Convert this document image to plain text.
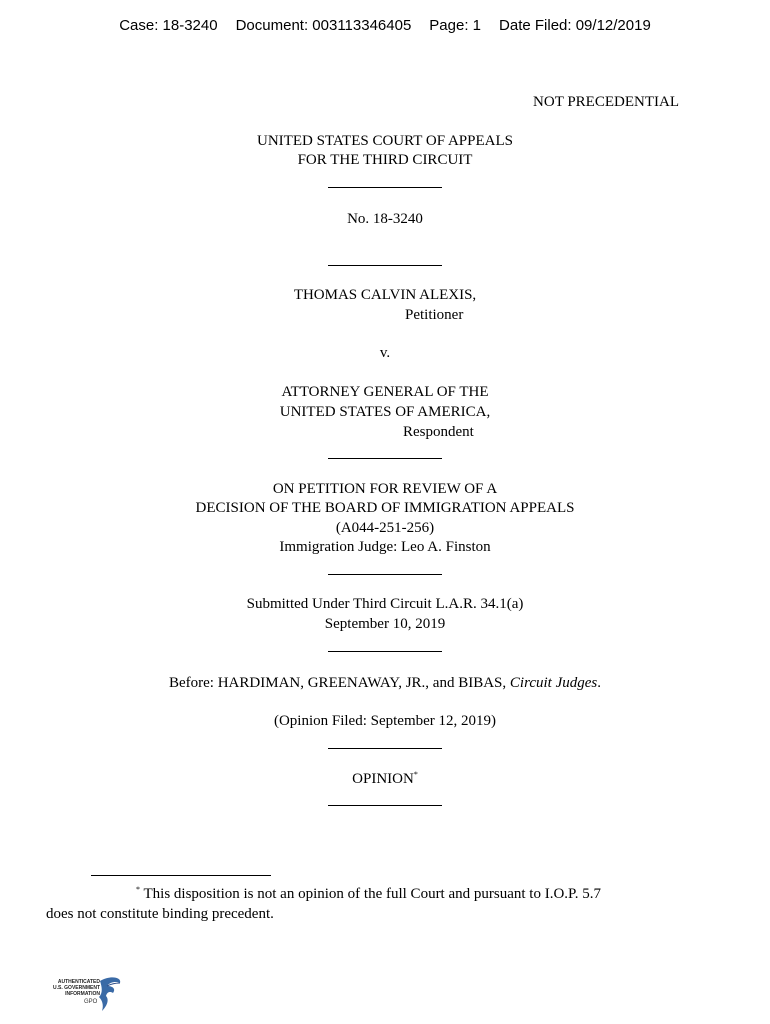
Case: 18-3240 Document: 003113346405 Page: 1 Date Filed: 09/12/2019
NOT PRECEDENTIAL
UNITED STATES COURT OF APPEALS
FOR THE THIRD CIRCUIT
No. 18-3240
THOMAS CALVIN ALEXIS,
Petitioner
v.
ATTORNEY GENERAL OF THE
UNITED STATES OF AMERICA,
Respondent
ON PETITION FOR REVIEW OF A
DECISION OF THE BOARD OF IMMIGRATION APPEALS
(A044-251-256)
Immigration Judge: Leo A. Finston
Submitted Under Third Circuit L.A.R. 34.1(a)
September 10, 2019
Before: HARDIMAN, GREENAWAY, JR., and BIBAS, Circuit Judges.
(Opinion Filed: September 12, 2019)
OPINION*
* This disposition is not an opinion of the full Court and pursuant to I.O.P. 5.7
does not constitute binding precedent.
AUTHENTICATED
U.S. GOVERNMENT
INFORMATION
GPO
